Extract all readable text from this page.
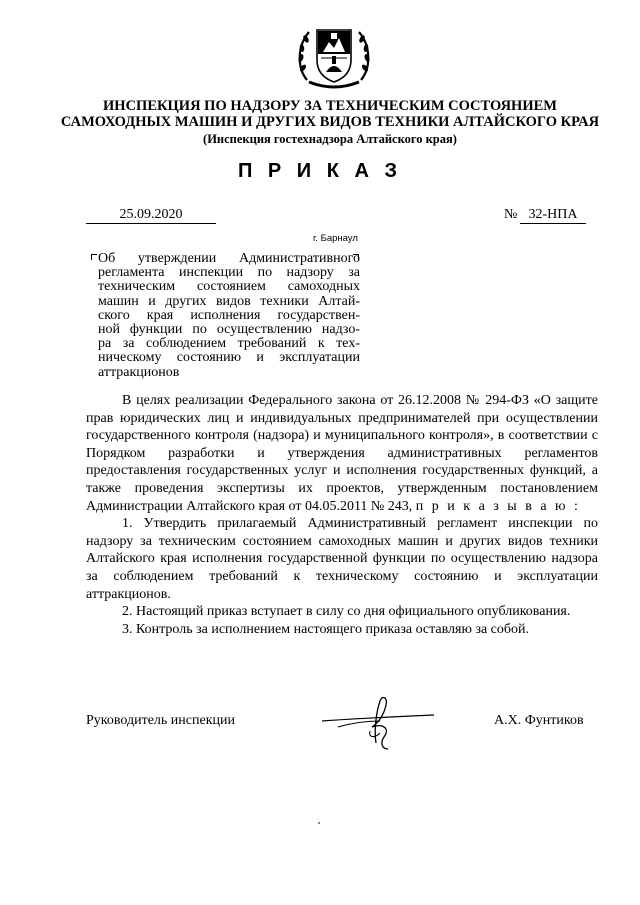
ИНСПЕКЦИЯ ПО НАДЗОРУ ЗА ТЕХНИЧЕСКИМ СОСТОЯНИЕМ
САМОХОДНЫХ МАШИН И ДРУГИХ ВИДОВ ТЕХНИКИ АЛТАЙСКОГО КРАЯ
(Инспекция гостехнадзора Алтайского края)
П Р И К А З
25.09.2020	№ 32-НПА
г. Барнаул
Об утверждении Административного
регламента инспекции по надзору за
техническим состоянием самоходных
машин и других видов техники Алтай-
ского края исполнения государствен-
ной функции по осуществлению надзо-
ра за соблюдением требований к тех-
ническому состоянию и эксплуатации
аттракционов

В целях реализации Федерального закона от 26.12.2008 № 294-ФЗ «О защите прав юридических лиц и индивидуальных предпринимателей при осуществлении государственного контроля (надзора) и муниципального контроля», в соответствии с Порядком разработки и утверждения административных регламентов предоставления государственных услуг и исполнения государственных функций, а также проведения экспертизы их проектов, утвержденным постановлением Администрации Алтайского края от 04.05.2011 № 243, п р и к а з ы в а ю :

1. Утвердить прилагаемый Административный регламент инспекции по надзору за техническим состоянием самоходных машин и других видов техники Алтайского края исполнения государственной функции по осуществлению надзора за соблюдением требований к техническому состоянию и эксплуатации аттракционов.

2. Настоящий приказ вступает в силу со дня официального опубликования.

3. Контроль за исполнением настоящего приказа оставляю за собой.

Руководитель инспекции	А.Х. Фунтиков
